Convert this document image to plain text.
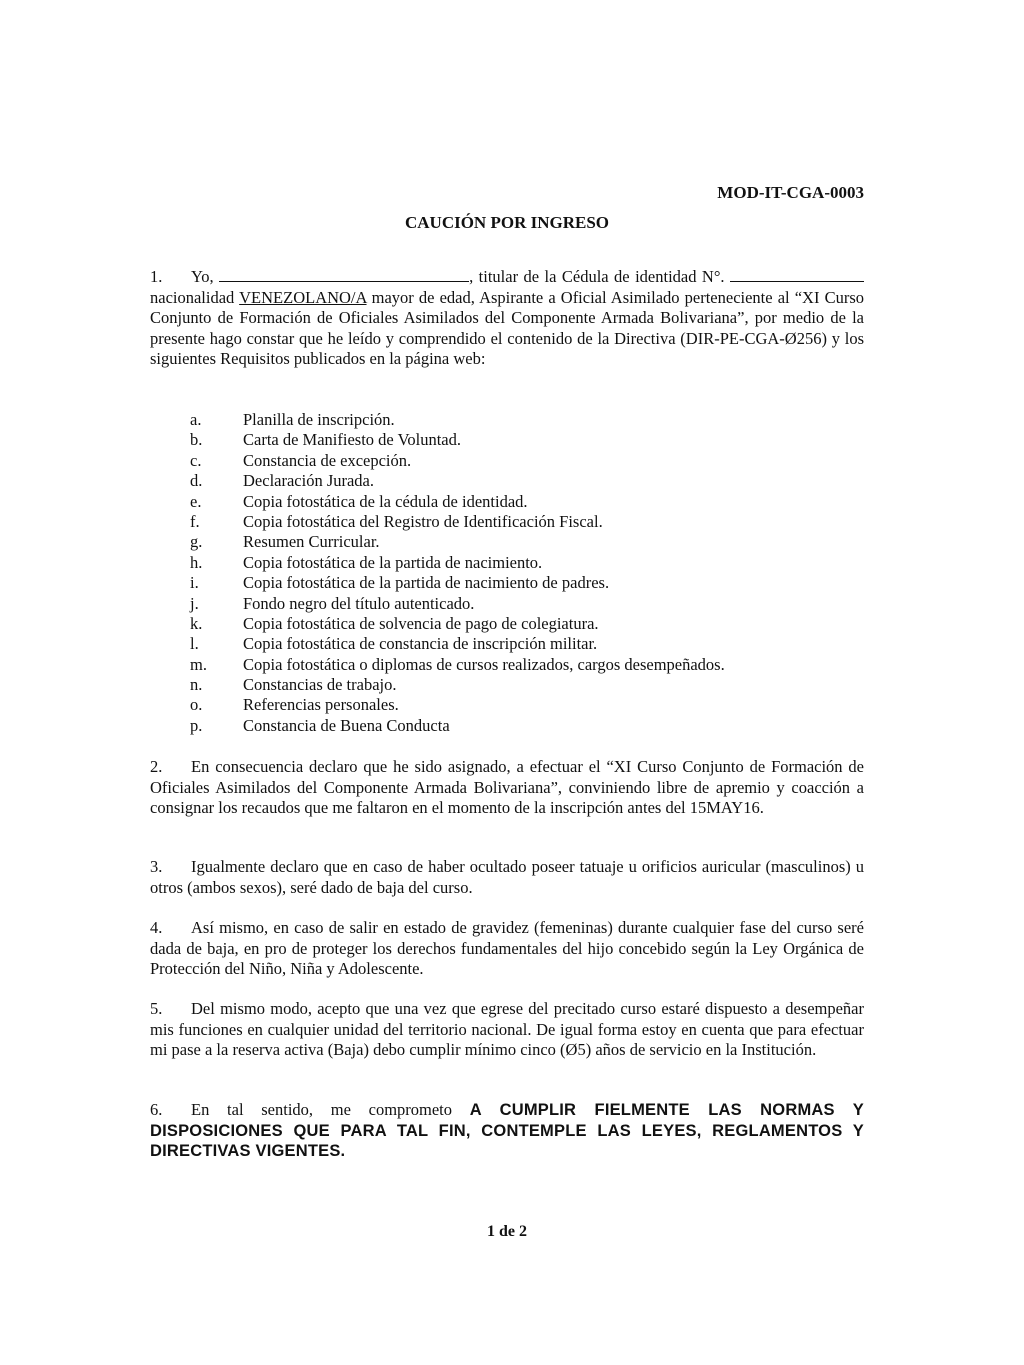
MOD-IT-CGA-0003
CAUCIÓN POR INGRESO
1. Yo,	, titular de la Cédula de identidad N°.  nacionalidad VENEZOLANO/A mayor de edad, Aspirante a Oficial Asimilado perteneciente al “XI Curso Conjunto de Formación de Oficiales Asimilados del Componente Armada Bolivariana”, por medio de la presente hago constar que he leído y comprendido el contenido de la Directiva (DIR-PE-CGA-Ø256) y los siguientes Requisitos publicados en la página web:
a.	Planilla de inscripción.
b.	Carta de Manifiesto de Voluntad.
c.	Constancia de excepción.
d.	Declaración Jurada.
e.	Copia fotostática de la cédula de identidad.
f.	Copia fotostática del Registro de Identificación Fiscal.
g.	Resumen Curricular.
h.	Copia fotostática de la partida de nacimiento.
i.	Copia fotostática de la partida de nacimiento de padres.
j.	Fondo negro del título autenticado.
k.	Copia fotostática de solvencia de pago de colegiatura.
l.	Copia fotostática de constancia de inscripción militar.
m.	Copia fotostática o diplomas de cursos realizados, cargos desempeñados.
n.	Constancias de trabajo.
o.	Referencias personales.
p.	Constancia de Buena Conducta
2. En consecuencia declaro que he sido asignado, a efectuar el “XI Curso Conjunto de Formación de Oficiales Asimilados del Componente Armada Bolivariana”, conviniendo libre de apremio y coacción a consignar los recaudos que me faltaron en el momento de la inscripción antes del 15MAY16.
3. Igualmente declaro que en caso de haber ocultado poseer tatuaje u orificios auricular (masculinos) u otros (ambos sexos), seré dado de baja del curso.
4. Así mismo, en caso de salir en estado de gravidez (femeninas) durante cualquier fase del curso seré dada de baja, en pro de proteger los derechos fundamentales del hijo concebido según la Ley Orgánica de Protección del Niño, Niña y Adolescente.
5. Del mismo modo, acepto que una vez que egrese del precitado curso estaré dispuesto a desempeñar mis funciones en cualquier unidad del territorio nacional. De igual forma estoy en cuenta que para efectuar mi pase a la reserva activa (Baja) debo cumplir mínimo cinco (Ø5) años de servicio en la Institución.
6. En tal sentido, me comprometo A CUMPLIR FIELMENTE LAS NORMAS Y DISPOSICIONES QUE PARA TAL FIN, CONTEMPLE LAS LEYES, REGLAMENTOS Y DIRECTIVAS VIGENTES.
1 de 2
